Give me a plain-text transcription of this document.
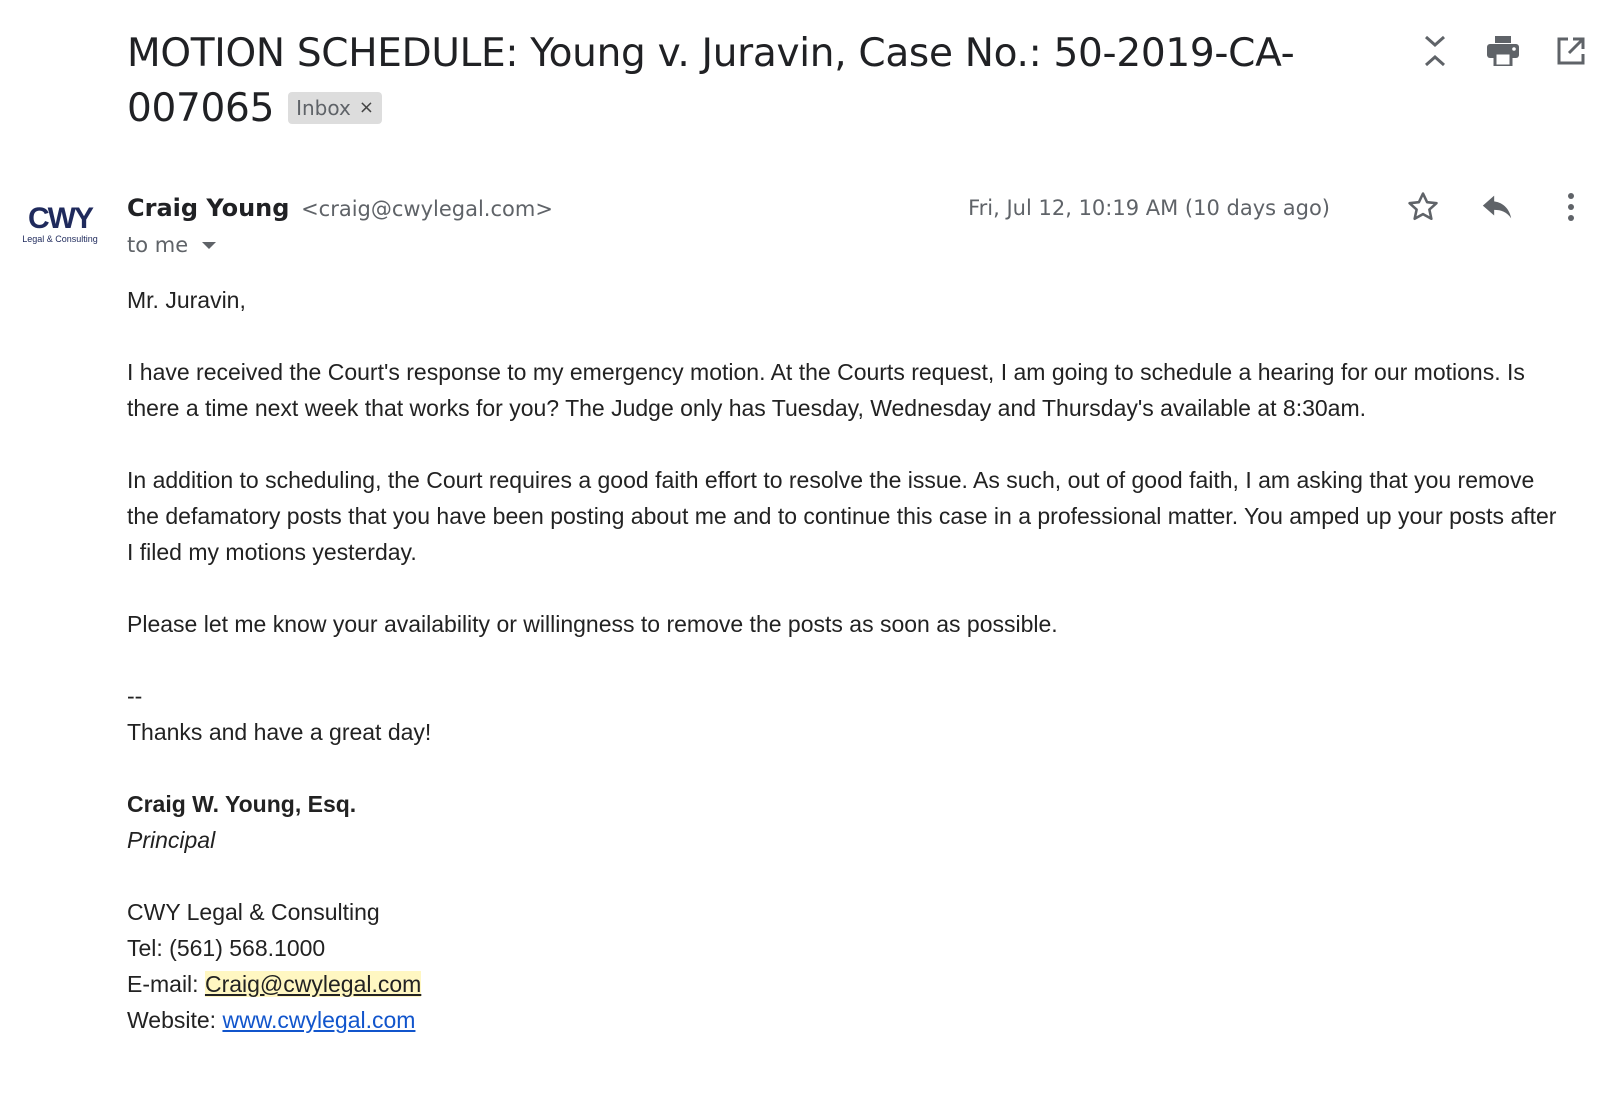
MOTION SCHEDULE: Young v. Juravin, Case No.: 50-2019-CA-007065 Inbox ×
CWY
Legal & Consulting
Craig Young <craig@cwylegal.com>
to me
Fri, Jul 12, 10:19 AM (10 days ago)

Mr. Juravin,

I have received the Court's response to my emergency motion. At the Courts request, I am going to schedule a hearing for our motions. Is there a time next week that works for you? The Judge only has Tuesday, Wednesday and Thursday's available at 8:30am.

In addition to scheduling, the Court requires a good faith effort to resolve the issue. As such, out of good faith, I am asking that you remove the defamatory posts that you have been posting about me and to continue this case in a professional matter. You amped up your posts after I filed my motions yesterday.

Please let me know your availability or willingness to remove the posts as soon as possible.

--
Thanks and have a great day!
Craig W. Young, Esq.
Principal
CWY Legal & Consulting
Tel: (561) 568.1000
E-mail: Craig@cwylegal.com
Website: www.cwylegal.com
